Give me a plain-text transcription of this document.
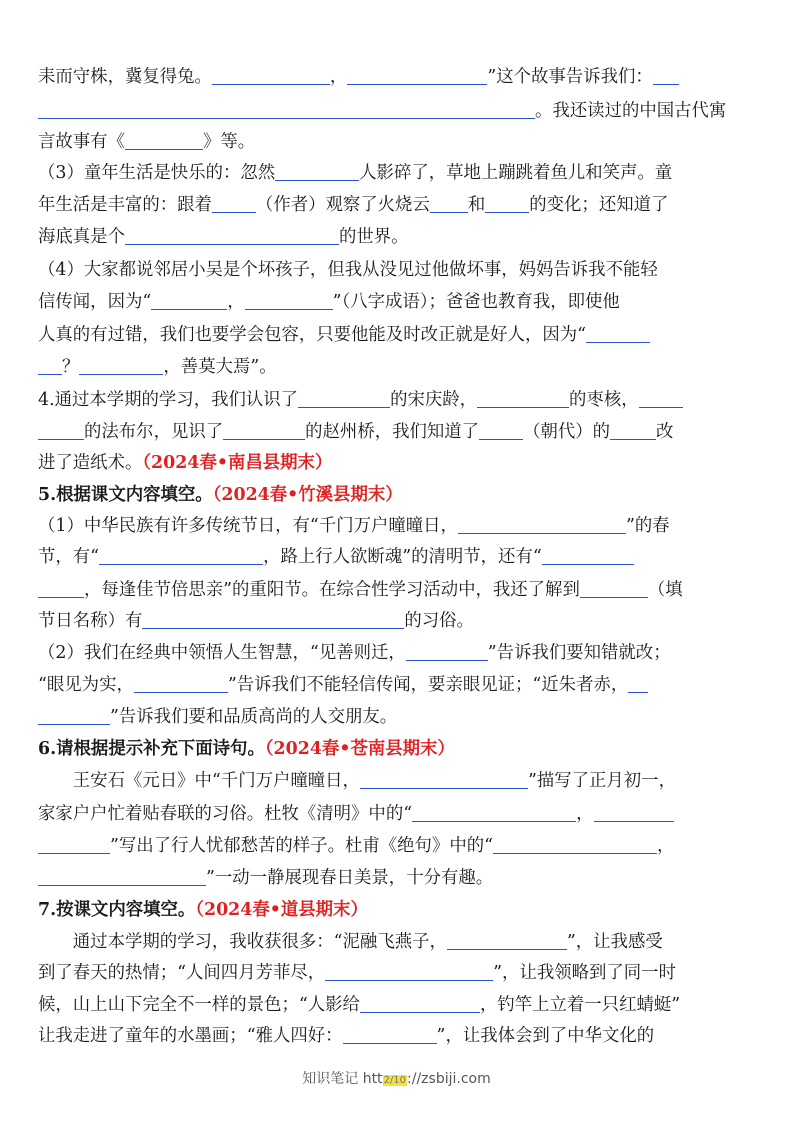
耒而守株，冀复得兔。	，	”这个故事告诉我们：
。我还读过的中国古代寓
言故事有《	》等。
（3）童年生活是快乐的：忽然	人影碎了，草地上蹦跳着鱼儿和笑声。童
年生活是丰富的：跟着	（作者）观察了火烧云 和	的变化；还知道了
海底真是个	的世界。
（4）大家都说邻居小吴是个坏孩子，但我从没见过他做坏事，妈妈告诉我不能轻
信传闻，因为“	，	”（八字成语）；爸爸也教育我，即使他
人真的有过错，我们也要学会包容，只要他能及时改正就是好人，因为“
？	，善莫大焉”。
4.通过本学期的学习，我们认识了	的宋庆龄，	的枣核，
的法布尔，见识了	的赵州桥，我们知道了	（朝代）的	改
进了造纸术。（2024春•南昌县期末）
5.根据课文内容填空。（2024春•竹溪县期末）
（1）中华民族有许多传统节日，有“千门万户曈曈日，	”的春
节，有“	，路上行人欲断魂”的清明节，还有“
，每逢佳节倍思亲”的重阳节。在综合性学习活动中，我还了解到	（填
节日名称）有	的习俗。
（2）我们在经典中领悟人生智慧，“见善则迁，	”告诉我们要知错就改；
“眼见为实，	”告诉我们不能轻信传闻，要亲眼见证；“近朱者赤，
”告诉我们要和品质高尚的人交朋友。
6.请根据提示补充下面诗句。（2024春•苍南县期末）
　　王安石《元日》中“千门万户曈曈日，	”描写了正月初一，
家家户户忙着贴春联的习俗。杜牧《清明》中的“	，
”写出了行人忧郁愁苦的样子。杜甫《绝句》中的“	，
”一动一静展现春日美景，十分有趣。
7.按课文内容填空。（2024春•道县期末）
　　通过本学期的学习，我收获很多：“泥融飞燕子，	”，让我感受
到了春天的热情；“人间四月芳菲尽，	”，让我领略到了同一时
候，山上山下完全不一样的景色；“人影给	，钓竿上立着一只红蜻蜓”
让我走进了童年的水墨画；“雅人四好：	”，让我体会到了中华文化的
知识笔记 htt2/10://zsbiji.com
